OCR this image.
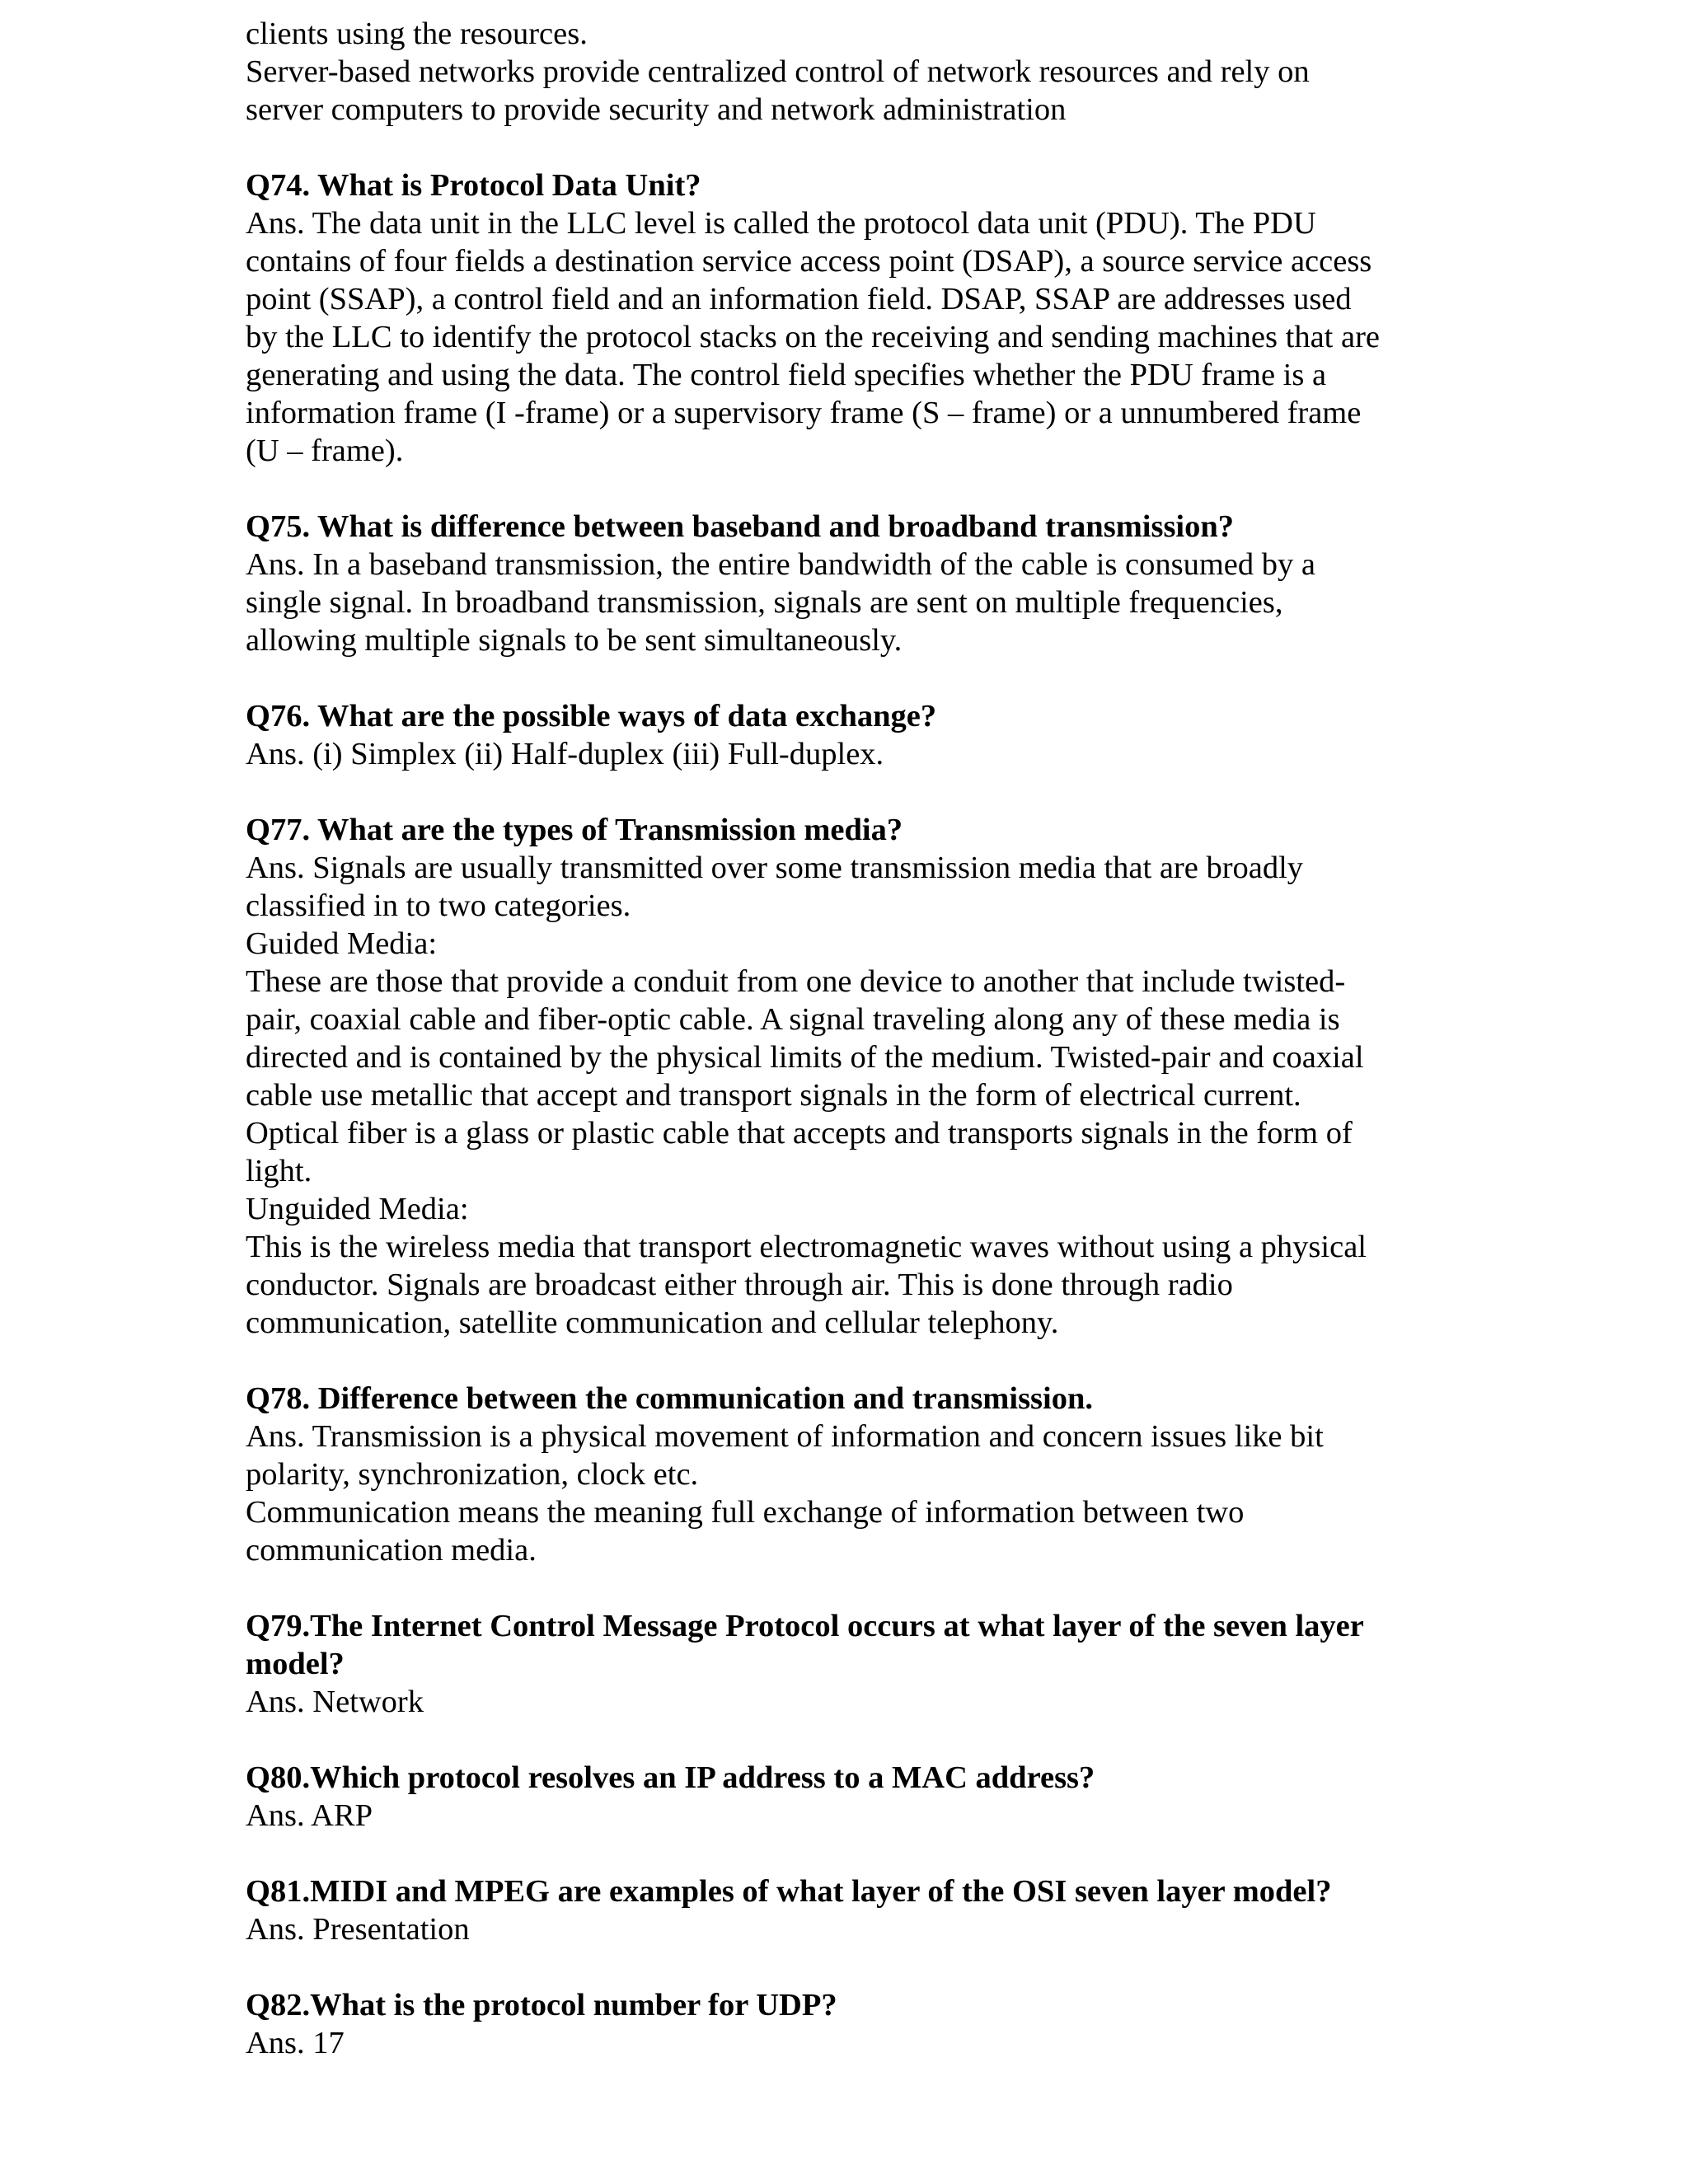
clients using the resources.
Server-based networks provide centralized control of network resources and rely on
server computers to provide security and network administration
Q74. What is Protocol Data Unit?
Ans. The data unit in the LLC level is called the protocol data unit (PDU). The PDU
contains of four fields a destination service access point (DSAP), a source service access
point (SSAP), a control field and an information field. DSAP, SSAP are addresses used
by the LLC to identify the protocol stacks on the receiving and sending machines that are
generating and using the data. The control field specifies whether the PDU frame is a
information frame (I -frame) or a supervisory frame (S – frame) or a unnumbered frame
(U – frame).
Q75. What is difference between baseband and broadband transmission?
Ans. In a baseband transmission, the entire bandwidth of the cable is consumed by a
single signal. In broadband transmission, signals are sent on multiple frequencies,
allowing multiple signals to be sent simultaneously.
Q76. What are the possible ways of data exchange?
Ans. (i) Simplex (ii) Half-duplex (iii) Full-duplex.
Q77. What are the types of Transmission media?
Ans. Signals are usually transmitted over some transmission media that are broadly
classified in to two categories.
Guided Media:
These are those that provide a conduit from one device to another that include twisted-
pair, coaxial cable and fiber-optic cable. A signal traveling along any of these media is
directed and is contained by the physical limits of the medium. Twisted-pair and coaxial
cable use metallic that accept and transport signals in the form of electrical current.
Optical fiber is a glass or plastic cable that accepts and transports signals in the form of
light.
Unguided Media:
This is the wireless media that transport electromagnetic waves without using a physical
conductor. Signals are broadcast either through air. This is done through radio
communication, satellite communication and cellular telephony.
Q78. Difference between the communication and transmission.
Ans. Transmission is a physical movement of information and concern issues like bit
polarity, synchronization, clock etc.
Communication means the meaning full exchange of information between two
communication media.
Q79.The Internet Control Message Protocol occurs at what layer of the seven layer
model?
Ans. Network
Q80.Which protocol resolves an IP address to a MAC address?
Ans. ARP
Q81.MIDI and MPEG are examples of what layer of the OSI seven layer model?
Ans. Presentation
Q82.What is the protocol number for UDP?
Ans. 17
